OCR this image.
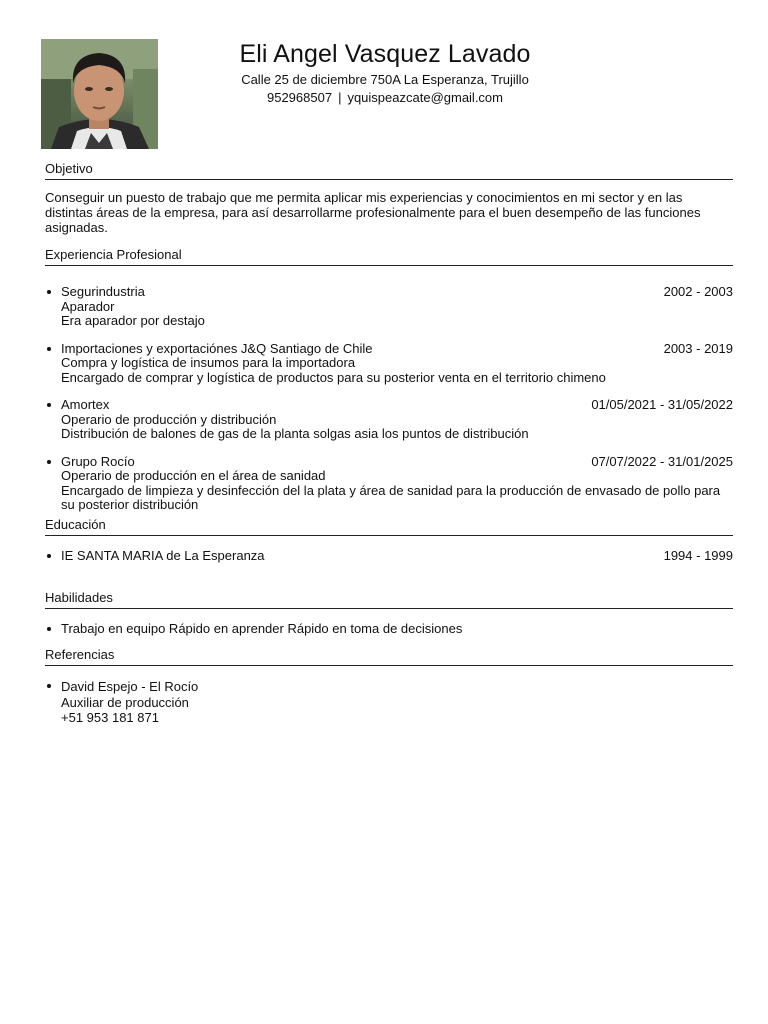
Eli Angel Vasquez Lavado
Calle 25 de diciembre 750A La Esperanza, Trujillo
952968507 | yquispeazcate@gmail.com
Objetivo
Conseguir un puesto de trabajo que me permita aplicar mis experiencias y conocimientos en mi sector y en las distintas áreas de la empresa, para así desarrollarme profesionalmente para el buen desempeño de las funciones asignadas.
Experiencia Profesional
Segurindustria	2002 - 2003
Aparador
Era aparador por destajo
Importaciones y exportaciónes J&Q Santiago de Chile	2003 - 2019
Compra y logística de insumos para la importadora
Encargado de comprar y logística de productos para su posterior venta en el territorio chimeno
Amortex	01/05/2021 - 31/05/2022
Operario de producción y distribución
Distribución de balones de gas de la planta solgas asia los puntos de distribución
Grupo Rocío	07/07/2022 - 31/01/2025
Operario de producción en el área de sanidad
Encargado de limpieza y desinfección del la plata y área de sanidad para la producción de envasado de pollo para su posterior distribución
Educación
IE SANTA MARIA de La Esperanza	1994 - 1999
Habilidades
Trabajo en equipo Rápido en aprender Rápido en toma de decisiones
Referencias
David Espejo - El Rocío
Auxiliar de producción
+51 953 181 871
